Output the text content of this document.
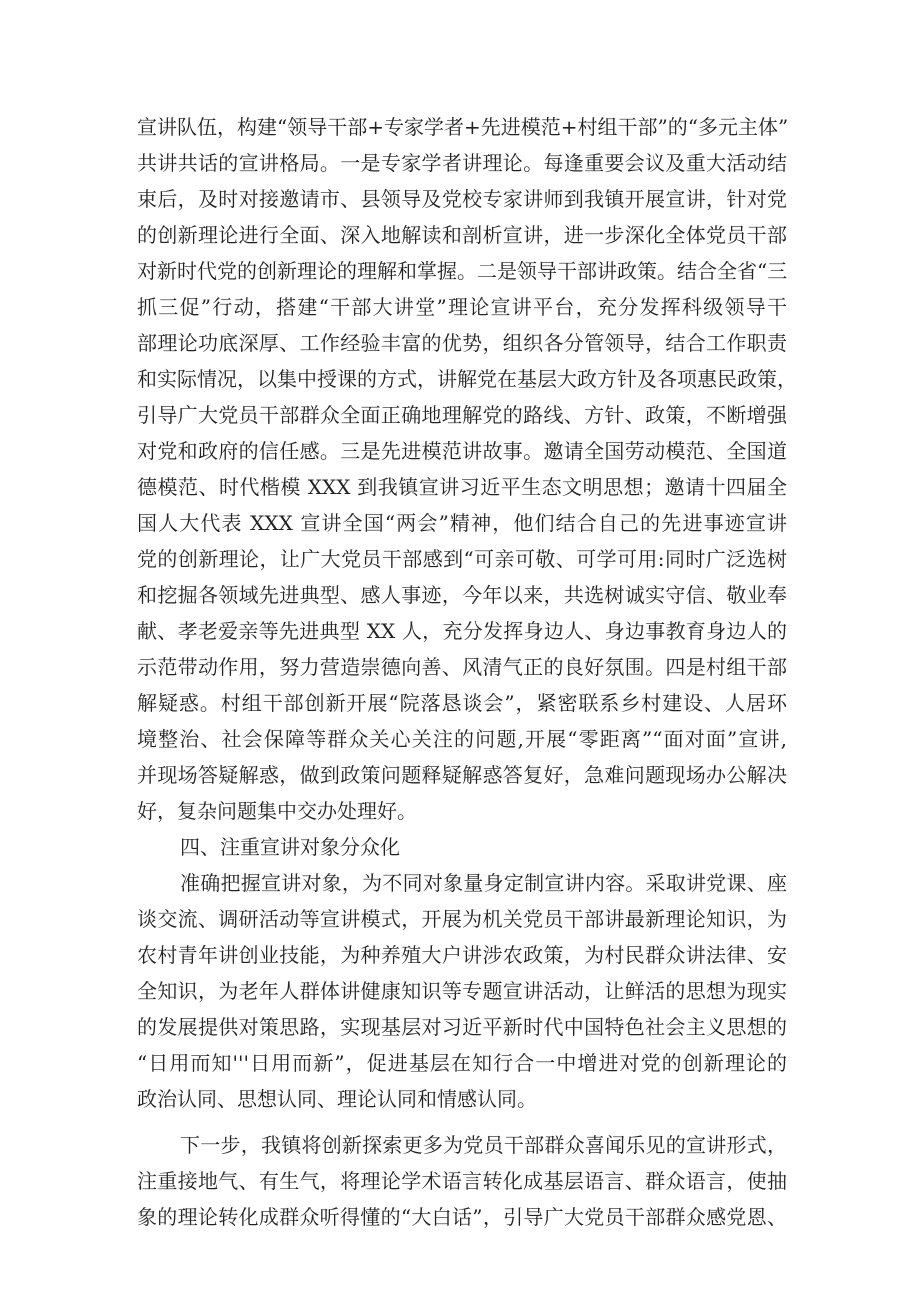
宣讲队伍，构建“领导干部+专家学者+先进模范+村组干部”的“多元主体”
共讲共话的宣讲格局。一是专家学者讲理论。每逢重要会议及重大活动结
束后，及时对接邀请市、县领导及党校专家讲师到我镇开展宣讲，针对党
的创新理论进行全面、深入地解读和剖析宣讲，进一步深化全体党员干部
对新时代党的创新理论的理解和掌握。二是领导干部讲政策。结合全省“三
抓三促”行动，搭建“干部大讲堂”理论宣讲平台，充分发挥科级领导干
部理论功底深厚、工作经验丰富的优势，组织各分管领导，结合工作职责
和实际情况，以集中授课的方式，讲解党在基层大政方针及各项惠民政策，
引导广大党员干部群众全面正确地理解党的路线、方针、政策，不断增强
对党和政府的信任感。三是先进模范讲故事。邀请全国劳动模范、全国道
德模范、时代楷模 XXX 到我镇宣讲习近平生态文明思想；邀请十四届全
国人大代表 XXX 宣讲全国“两会”精神，他们结合自己的先进事迹宣讲
党的创新理论，让广大党员干部感到“可亲可敬、可学可用:同时广泛选树
和挖掘各领域先进典型、感人事迹，今年以来，共选树诚实守信、敬业奉
献、孝老爱亲等先进典型 XX 人，充分发挥身边人、身边事教育身边人的
示范带动作用，努力营造崇德向善、风清气正的良好氛围。四是村组干部
解疑惑。村组干部创新开展“院落恳谈会”，紧密联系乡村建设、人居环
境整治、社会保障等群众关心关注的问题,开展“零距离”“面对面”宣讲,
并现场答疑解惑，做到政策问题释疑解惑答复好，急难问题现场办公解决
好，复杂问题集中交办处理好。
四、注重宣讲对象分众化
准确把握宣讲对象，为不同对象量身定制宣讲内容。采取讲党课、座
谈交流、调研活动等宣讲模式，开展为机关党员干部讲最新理论知识，为
农村青年讲创业技能，为种养殖大户讲涉农政策，为村民群众讲法律、安
全知识，为老年人群体讲健康知识等专题宣讲活动，让鲜活的思想为现实
的发展提供对策思路，实现基层对习近平新时代中国特色社会主义思想的
“日用而知'''日用而新”，促进基层在知行合一中增进对党的创新理论的
政治认同、思想认同、理论认同和情感认同。
下一步，我镇将创新探索更多为党员干部群众喜闻乐见的宣讲形式，
注重接地气、有生气，将理论学术语言转化成基层语言、群众语言，使抽
象的理论转化成群众听得懂的“大白话”，引导广大党员干部群众感党恩、
